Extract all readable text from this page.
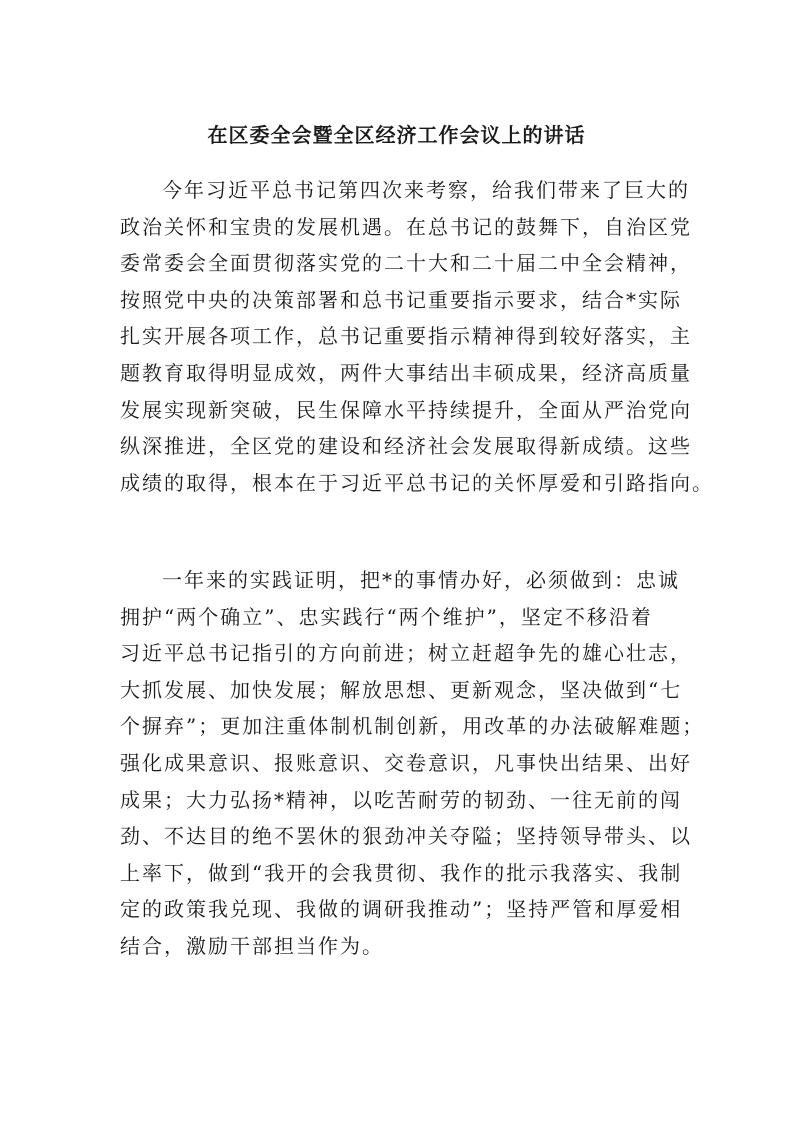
在区委全会暨全区经济工作会议上的讲话
今年习近平总书记第四次来考察，给我们带来了巨大的
政治关怀和宝贵的发展机遇。在总书记的鼓舞下，自治区党
委常委会全面贯彻落实党的二十大和二十届二中全会精神，
按照党中央的决策部署和总书记重要指示要求，结合*实际
扎实开展各项工作，总书记重要指示精神得到较好落实，主
题教育取得明显成效，两件大事结出丰硕成果，经济高质量
发展实现新突破，民生保障水平持续提升，全面从严治党向
纵深推进，全区党的建设和经济社会发展取得新成绩。这些
成绩的取得，根本在于习近平总书记的关怀厚爱和引路指向。
一年来的实践证明，把*的事情办好，必须做到：忠诚
拥护“两个确立”、忠实践行“两个维护”，坚定不移沿着
习近平总书记指引的方向前进；树立赶超争先的雄心壮志，
大抓发展、加快发展；解放思想、更新观念，坚决做到“七
个摒弃”；更加注重体制机制创新，用改革的办法破解难题；
强化成果意识、报账意识、交卷意识，凡事快出结果、出好
成果；大力弘扬*精神，以吃苦耐劳的韧劲、一往无前的闯
劲、不达目的绝不罢休的狠劲冲关夺隘；坚持领导带头、以
上率下，做到“我开的会我贯彻、我作的批示我落实、我制
定的政策我兑现、我做的调研我推动”；坚持严管和厚爱相
结合，激励干部担当作为。
